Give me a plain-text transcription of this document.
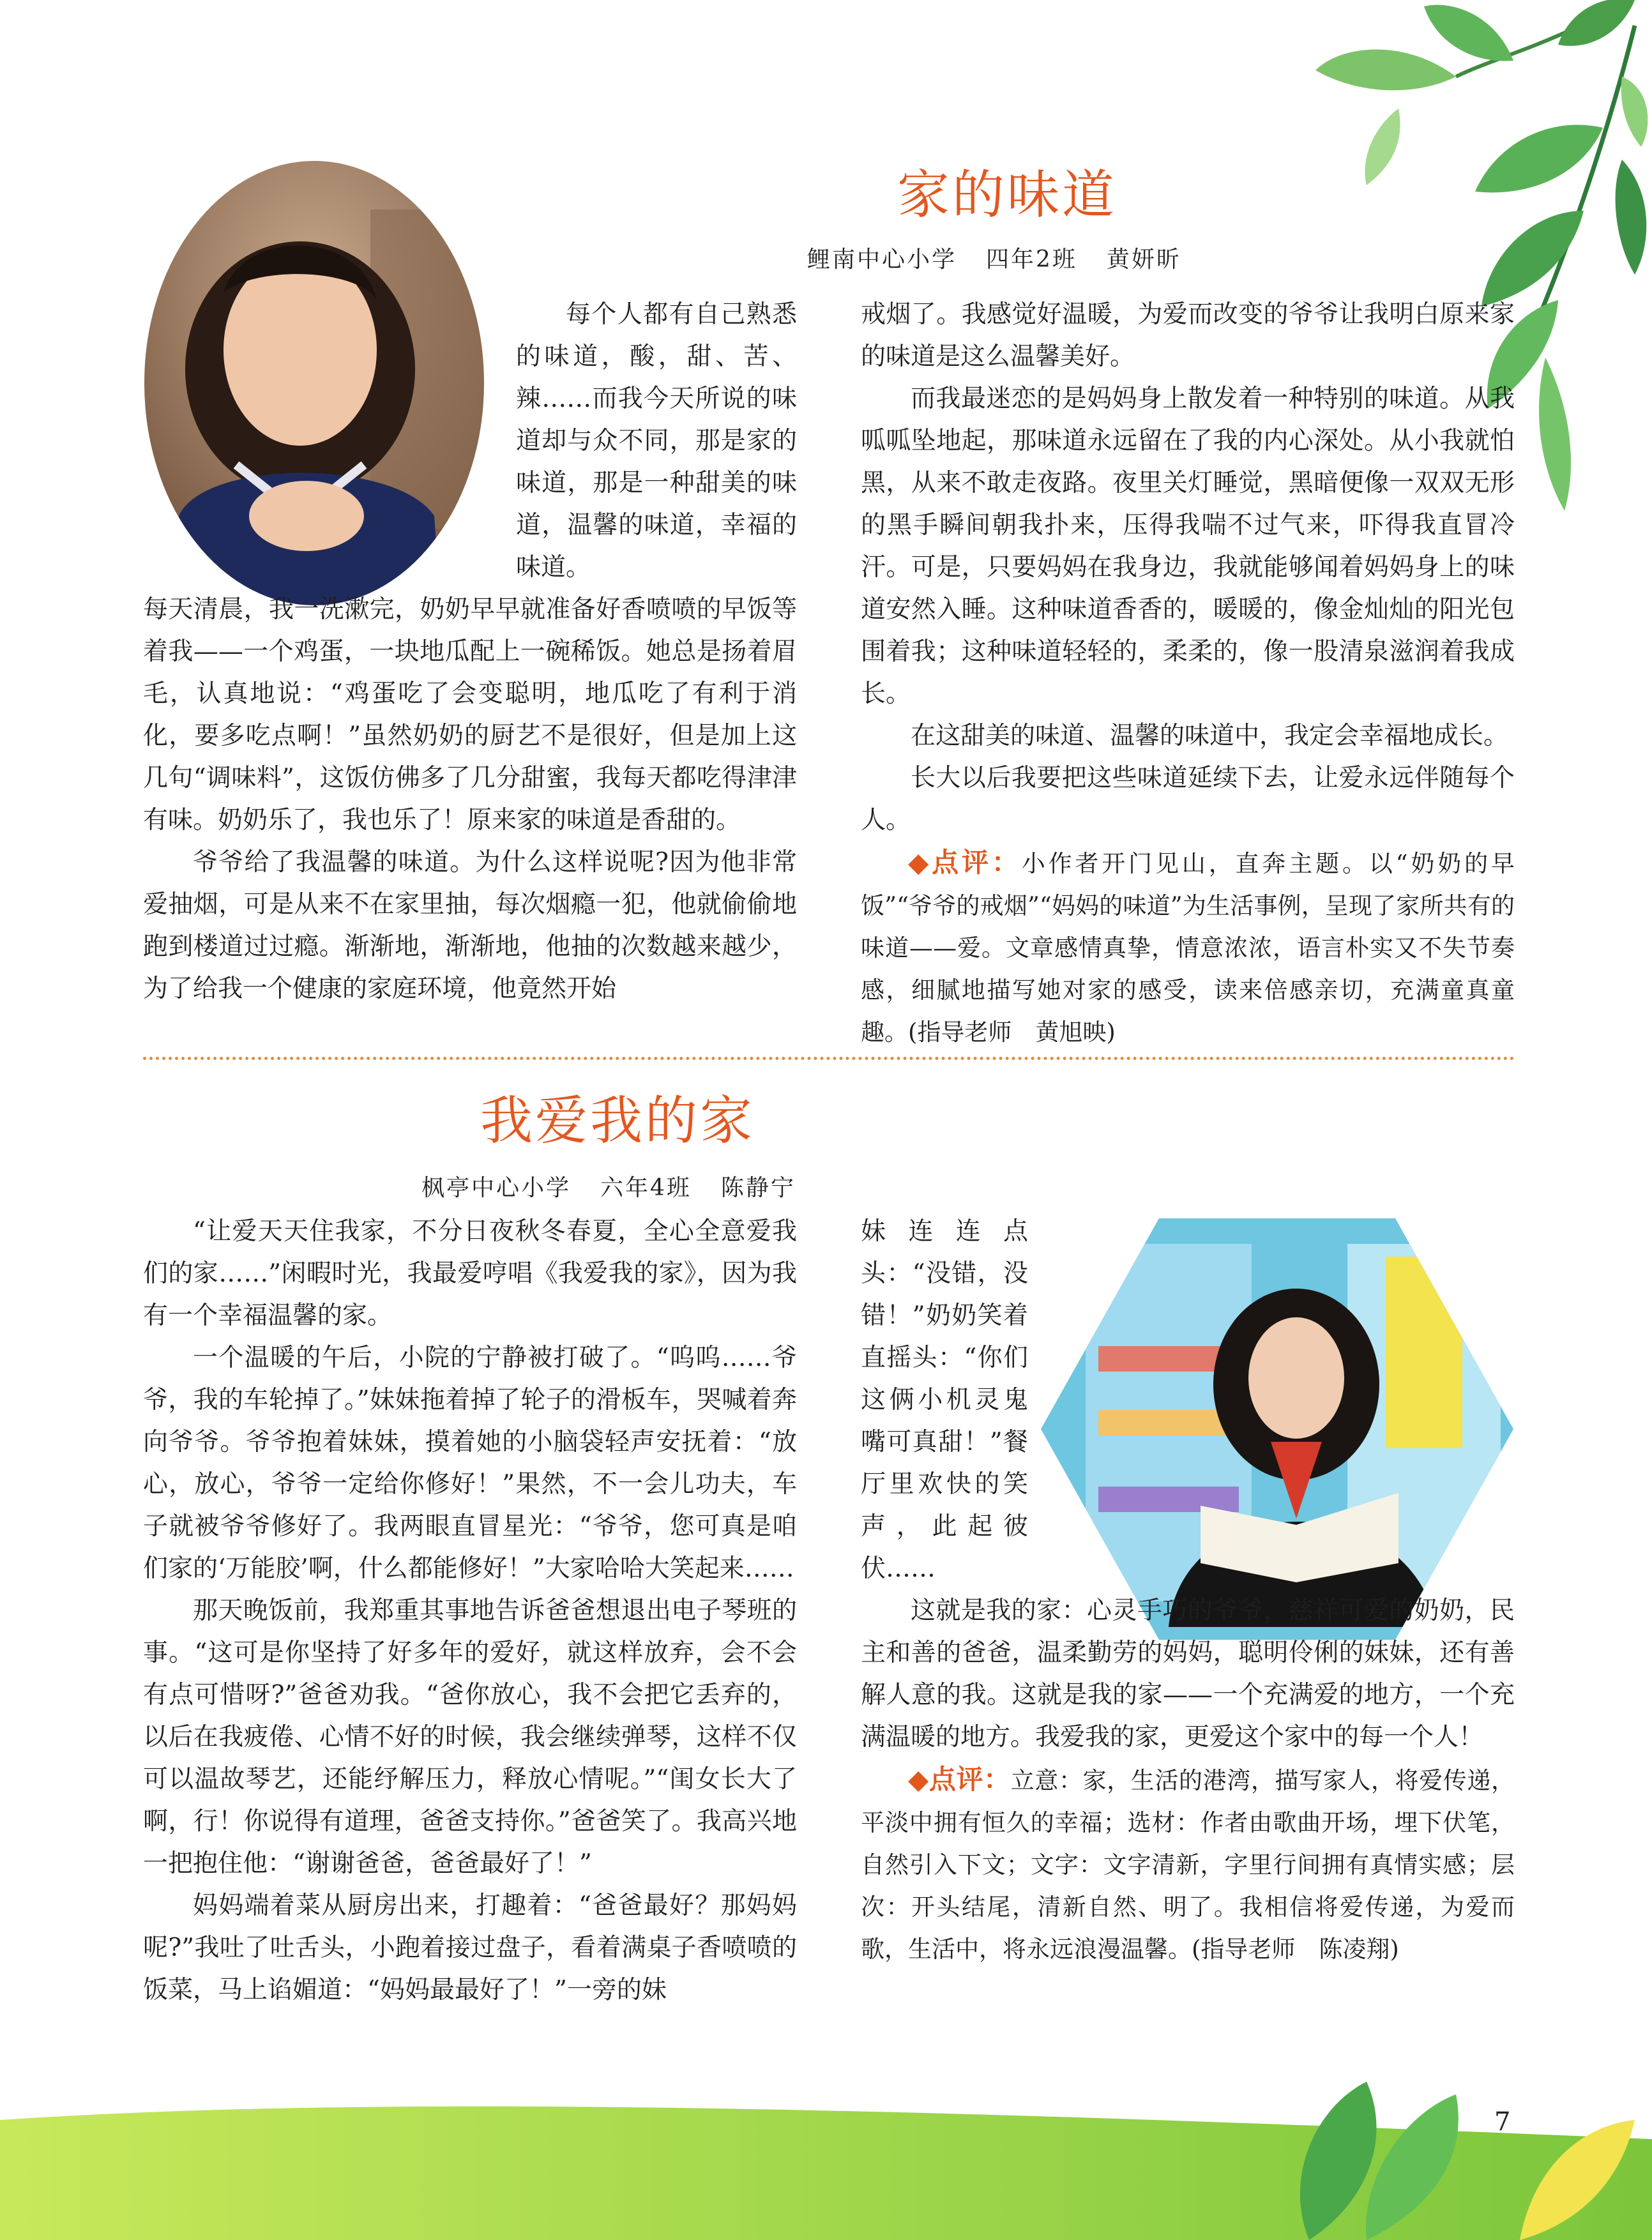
家的味道
鲤南中心小学 四年2班 黄妍昕

每个人都有自己熟悉的味道，酸，甜、苦、辣……而我今天所说的味道却与众不同，那是家的味道，那是一种甜美的味道，温馨的味道，幸福的味道。

每天清晨，我一洗漱完，奶奶早早就准备好香喷喷的早饭等着我——一个鸡蛋，一块地瓜配上一碗稀饭。她总是扬着眉毛，认真地说：“鸡蛋吃了会变聪明，地瓜吃了有利于消化，要多吃点啊！”虽然奶奶的厨艺不是很好，但是加上这几句“调味料”，这饭仿佛多了几分甜蜜，我每天都吃得津津有味。奶奶乐了，我也乐了！原来家的味道是香甜的。

爷爷给了我温馨的味道。为什么这样说呢?因为他非常爱抽烟，可是从来不在家里抽，每次烟瘾一犯，他就偷偷地跑到楼道过过瘾。渐渐地，渐渐地，他抽的次数越来越少，为了给我一个健康的家庭环境，他竟然开始

戒烟了。我感觉好温暖，为爱而改变的爷爷让我明白原来家的味道是这么温馨美好。

而我最迷恋的是妈妈身上散发着一种特别的味道。从我呱呱坠地起，那味道永远留在了我的内心深处。从小我就怕黑，从来不敢走夜路。夜里关灯睡觉，黑暗便像一双双无形的黑手瞬间朝我扑来，压得我喘不过气来，吓得我直冒冷汗。可是，只要妈妈在我身边，我就能够闻着妈妈身上的味道安然入睡。这种味道香香的，暖暖的，像金灿灿的阳光包围着我；这种味道轻轻的，柔柔的，像一股清泉滋润着我成长。

在这甜美的味道、温馨的味道中，我定会幸福地成长。

长大以后我要把这些味道延续下去，让爱永远伴随每个人。

◆点评：小作者开门见山，直奔主题。以“奶奶的早饭”“爷爷的戒烟”“妈妈的味道”为生活事例，呈现了家所共有的味道——爱。文章感情真挚，情意浓浓，语言朴实又不失节奏感，细腻地描写她对家的感受，读来倍感亲切，充满童真童趣。(指导老师　黄旭映)
我爱我的家
枫亭中心小学 六年4班 陈静宁

“让爱天天住我家，不分日夜秋冬春夏，全心全意爱我们的家……”闲暇时光，我最爱哼唱《我爱我的家》，因为我有一个幸福温馨的家。

一个温暖的午后，小院的宁静被打破了。“呜呜……爷爷，我的车轮掉了。”妹妹拖着掉了轮子的滑板车，哭喊着奔向爷爷。爷爷抱着妹妹，摸着她的小脑袋轻声安抚着：“放心，放心，爷爷一定给你修好！”果然，不一会儿功夫，车子就被爷爷修好了。我两眼直冒星光：“爷爷，您可真是咱们家的‘万能胶’啊，什么都能修好！”大家哈哈大笑起来……

那天晚饭前，我郑重其事地告诉爸爸想退出电子琴班的事。“这可是你坚持了好多年的爱好，就这样放弃，会不会有点可惜呀?”爸爸劝我。“爸你放心，我不会把它丢弃的，以后在我疲倦、心情不好的时候，我会继续弹琴，这样不仅可以温故琴艺，还能纾解压力，释放心情呢。”“闺女长大了啊，行！你说得有道理，爸爸支持你。”爸爸笑了。我高兴地一把抱住他：“谢谢爸爸，爸爸最好了！”

妈妈端着菜从厨房出来，打趣着：“爸爸最好？那妈妈呢?”我吐了吐舌头，小跑着接过盘子，看着满桌子香喷喷的饭菜，马上谄媚道：“妈妈最最好了！”一旁的妹

妹连连点头：“没错，没错！”奶奶笑着直摇头：“你们这俩小机灵鬼嘴可真甜！”餐厅里欢快的笑声，此起彼伏……

这就是我的家：心灵手巧的爷爷，慈祥可爱的奶奶，民主和善的爸爸，温柔勤劳的妈妈，聪明伶俐的妹妹，还有善解人意的我。这就是我的家——一个充满爱的地方，一个充满温暖的地方。我爱我的家，更爱这个家中的每一个人！

◆点评：立意：家，生活的港湾，描写家人，将爱传递，平淡中拥有恒久的幸福；选材：作者由歌曲开场，埋下伏笔，自然引入下文；文字：文字清新，字里行间拥有真情实感；层次：开头结尾，清新自然、明了。我相信将爱传递，为爱而歌，生活中，将永远浪漫温馨。(指导老师　陈凌翔)
7
